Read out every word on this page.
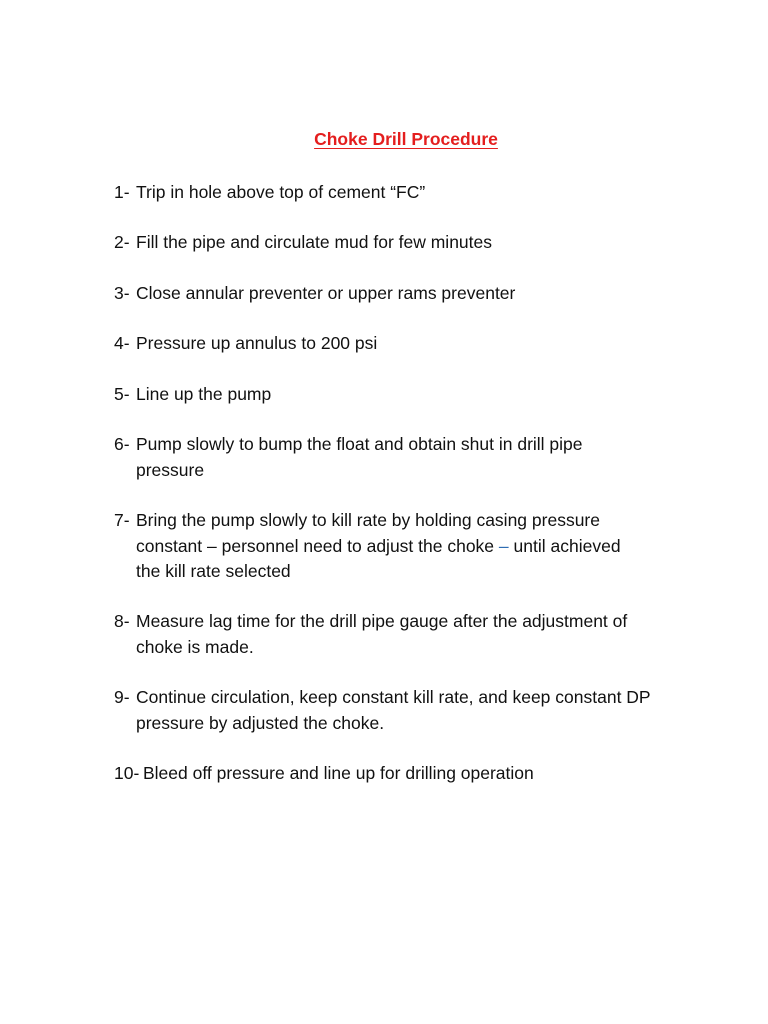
Choke Drill Procedure
1- Trip in hole above top of cement “FC”
2- Fill the pipe and circulate mud for few minutes
3- Close annular preventer or upper rams preventer
4- Pressure up annulus to 200 psi
5- Line up the pump
6- Pump slowly to bump the float and obtain shut in drill pipe
pressure
7- Bring the pump slowly to kill rate by holding casing pressure
constant – personnel need to adjust the choke – until achieved
the kill rate selected
8- Measure lag time for the drill pipe gauge after the adjustment of
choke is made.
9- Continue circulation, keep constant kill rate, and keep constant DP
pressure by adjusted the choke.
10- Bleed off pressure and line up for drilling operation
